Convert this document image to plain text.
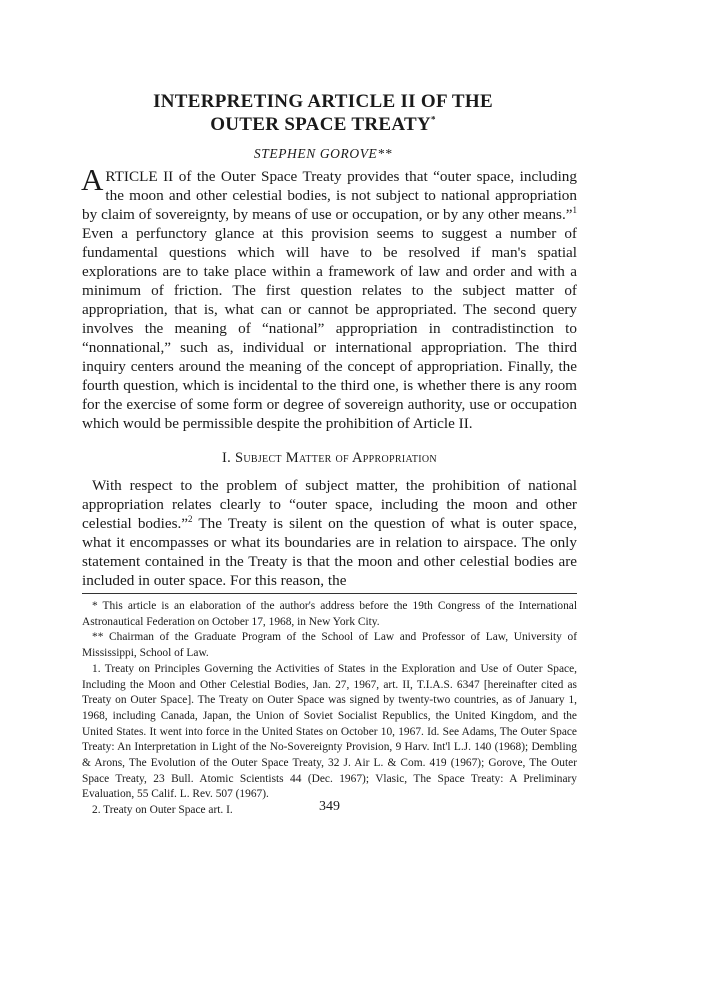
INTERPRETING ARTICLE II OF THE
OUTER SPACE TREATY*
STEPHEN GOROVE**
ARTICLE II of the Outer Space Treaty provides that “outer space, including the moon and other celestial bodies, is not subject to national appropriation by claim of sovereignty, by means of use or occupation, or by any other means.”$^1$ Even a perfunctory glance at this provision seems to suggest a number of fundamental questions which will have to be resolved if man's spatial explorations are to take place within a framework of law and order and with a minimum of friction. The first question relates to the subject matter of appropriation, that is, what can or cannot be appropriated. The second query involves the meaning of “national” appropriation in contradistinction to “nonnational,” such as, individual or international appropriation. The third inquiry centers around the meaning of the concept of appropriation. Finally, the fourth question, which is incidental to the third one, is whether there is any room for the exercise of some form or degree of sovereign authority, use or occupation which would be permissible despite the prohibition of Article II.
I. Subject Matter of Appropriation
With respect to the problem of subject matter, the prohibition of national appropriation relates clearly to “outer space, including the moon and other celestial bodies.”$^2$ The Treaty is silent on the question of what is outer space, what it encompasses or what its boundaries are in relation to airspace. The only statement contained in the Treaty is that the moon and other celestial bodies are included in outer space. For this reason, the

* This article is an elaboration of the author's address before the 19th Congress of the International Astronautical Federation on October 17, 1968, in New York City.

** Chairman of the Graduate Program of the School of Law and Professor of Law, University of Mississippi, School of Law.

1. Treaty on Principles Governing the Activities of States in the Exploration and Use of Outer Space, Including the Moon and Other Celestial Bodies, Jan. 27, 1967, art. II, T.I.A.S. 6347 [hereinafter cited as Treaty on Outer Space]. The Treaty on Outer Space was signed by twenty-two countries, as of January 1, 1968, including Canada, Japan, the Union of Soviet Socialist Republics, the United Kingdom, and the United States. It went into force in the United States on October 10, 1967. Id. See Adams, The Outer Space Treaty: An Interpretation in Light of the No-Sovereignty Provision, 9 Harv. Int'l L.J. 140 (1968); Dembling & Arons, The Evolution of the Outer Space Treaty, 32 J. Air L. & Com. 419 (1967); Gorove, The Outer Space Treaty, 23 Bull. Atomic Scientists 44 (Dec. 1967); Vlasic, The Space Treaty: A Preliminary Evaluation, 55 Calif. L. Rev. 507 (1967).

2. Treaty on Outer Space art. I.	349
